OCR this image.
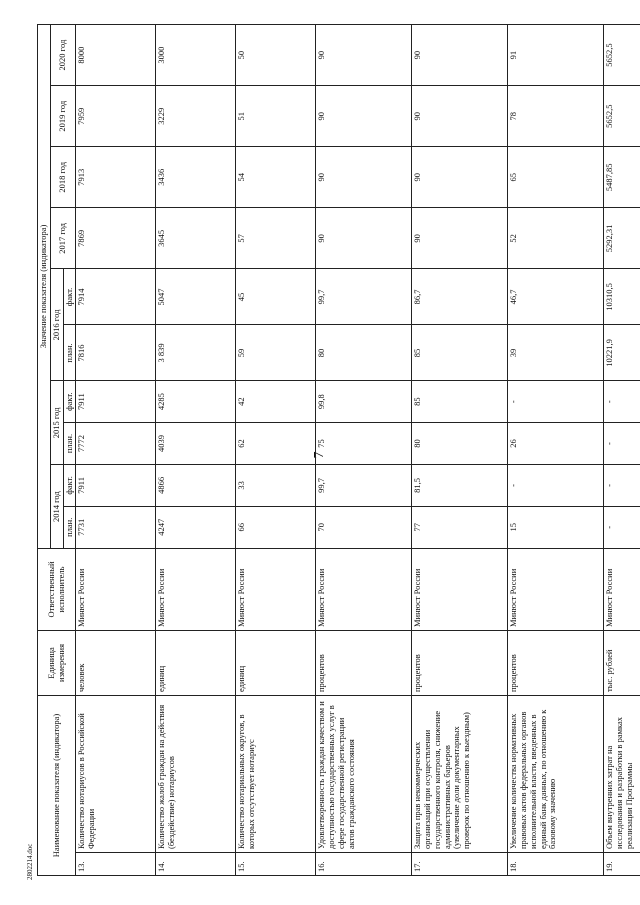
7
Наименование показателя (индикатора)		Единица измерения	Ответственный исполнитель	Значение показателя (индикатора)									
				2014 год		2015 год		2016 год		2017 год	2018 год	2019 год	2020 год
				план.	факт.	план.	факт.	план.	факт.				
13.	Количество нотариусов в Российской Федерации	человек	Минюст России	7731	7911	7772	7911	7816	7914	7869	7913	7959	8000
14.	Количество жалоб граждан на действия (бездействие) нотариусов	единиц	Минюст России	4247	4866	4039	4285	3 839	5047	3645	3436	3229	3000
15.	Количество нотариальных округов, в которых отсутствует нотариус	единиц	Минюст России	66	33	62	42	59	45	57	54	51	50
16.	Удовлетворенность граждан качеством и доступностью государственных услуг в сфере государственной регистрации актов гражданского состояния	процентов	Минюст России	70	99,7	75	99,8	80	99,7	90	90	90	90
17.	Защита прав некоммерческих организаций при осуществлении государственного контроля, снижение административных барьеров (увеличение доли документарных проверок по отношению к выездным)	процентов	Минюст России	77	81,5	80	85	85	86,7	90	90	90	90
18.	Увеличение количества нормативных правовых актов федеральных органов исполнительной власти, введенных в единый банк данных, по отношению к базовому значению	процентов	Минюст России	15	-	26	-	39	46,7	52	65	78	91
19.	Объем внутренних затрат на исследования и разработки в рамках реализации Программы	тыс. рублей	Минюст России	-	-	-	-	10221,9	10310,5	5292,31	5487,85	5652,5	5652,5
2802214.doc
